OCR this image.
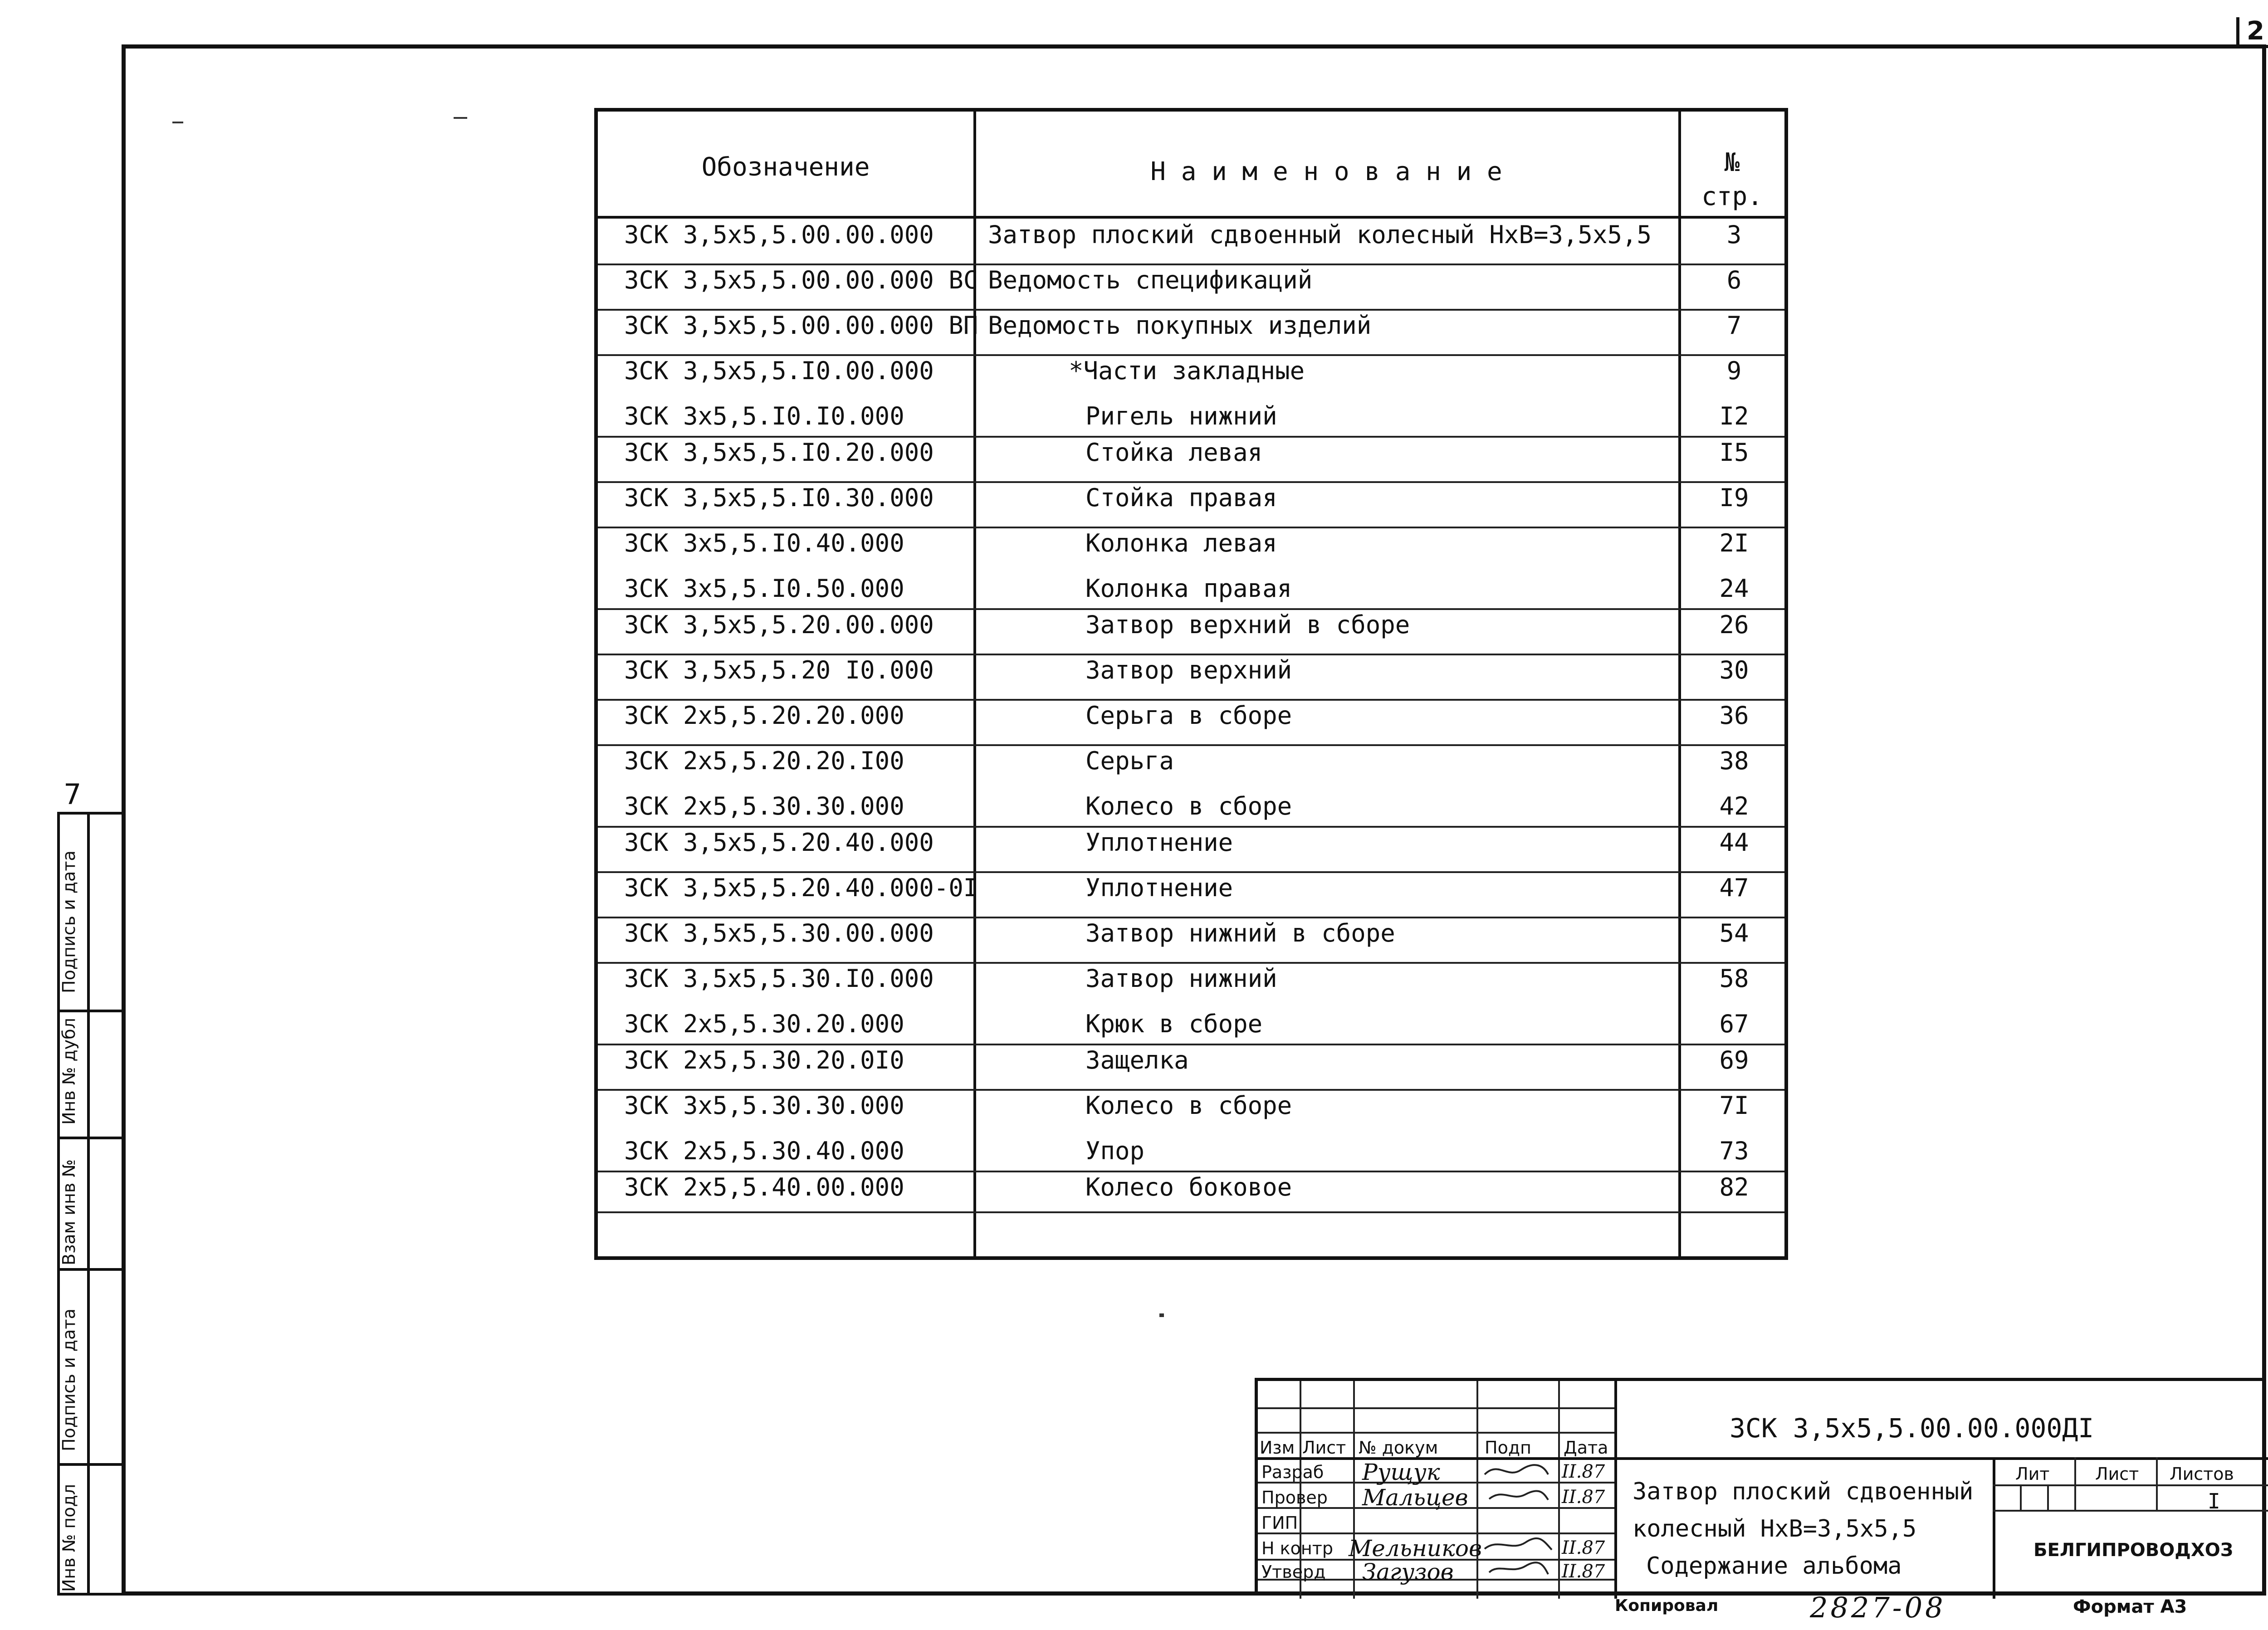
2
Обозначение	Н а и м е н о в а н и е	№
стр.
ЗСК 3,5х5,5.00.00.000 Затвор плоский сдвоенный колесный НхВ=3,5х5,5	3
ЗСК 3,5х5,5.00.00.000 ВС Ведомость спецификаций	6
ЗСК 3,5х5,5.00.00.000 ВП Ведомость покупных изделий	7
ЗСК 3,5х5,5.I0.00.000	*Части закладные	9
ЗСК 3х5,5.I0.I0.000	Ригель нижний	I2
ЗСК 3,5х5,5.I0.20.000	Стойка левая	I5
ЗСК 3,5х5,5.I0.30.000	Стойка правая	I9
ЗСК 3х5,5.I0.40.000	Колонка левая	2I
ЗСК 3х5,5.I0.50.000	Колонка правая	24
ЗСК 3,5х5,5.20.00.000	Затвор верхний в сборе	26
ЗСК 3,5х5,5.20 I0.000	Затвор верхний	30
ЗСК 2х5,5.20.20.000	Серьга в сборе	36
ЗСК 2х5,5.20.20.I00	Серьга	38
ЗСК 2х5,5.30.30.000	Колесо в сборе	42
ЗСК 3,5х5,5.20.40.000	Уплотнение	44
ЗСК 3,5х5,5.20.40.000-0I	Уплотнение	47
ЗСК 3,5х5,5.30.00.000	Затвор нижний в сборе	54
ЗСК 3,5х5,5.30.I0.000	Затвор нижний	58
ЗСК 2х5,5.30.20.000	Крюк в сборе	67
ЗСК 2х5,5.30.20.0I0	Защелка	69
ЗСК 3х5,5.30.30.000	Колесо в сборе	7I
ЗСК 2х5,5.30.40.000	Упор	73
ЗСК 2х5,5.40.00.000	Колесо боковое	82
7
Подпись и дата
Инв № дубл
Взам инв №
Подпись и дата
Инв № подл
Изм Лист № докум	Подп Дата
Разраб Рущук	II.87
Провер Мальцев	II.87
ГИП
Н контр Мельников	II.87
Утверд Загузов	II.87
ЗСК 3,5х5,5.00.00.000ДI
Затвор плоский сдвоенный
колесный НхВ=3,5х5,5
Содержание альбома
Лит	Лист Листов
I
БЕЛГИПРОВОДХОЗ
Копировал	2827-08	Формат А3
